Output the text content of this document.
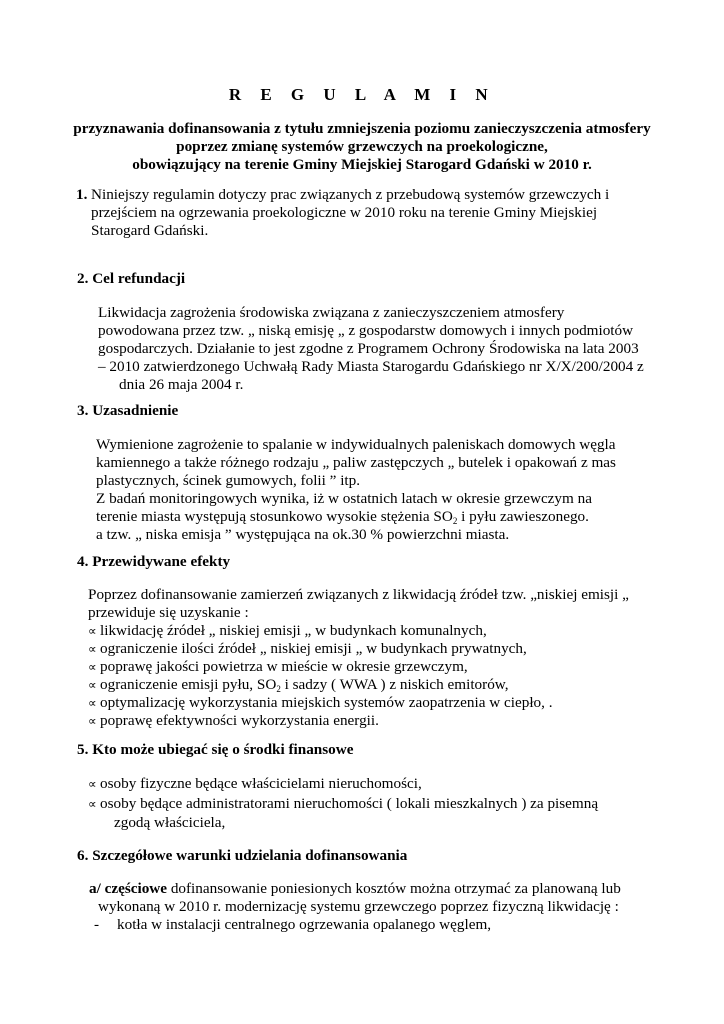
R E G U L A M I N
przyznawania dofinansowania z tytułu zmniejszenia poziomu zanieczyszczenia atmosfery
poprzez zmianę systemów grzewczych na proekologiczne,
obowiązujący na terenie Gminy Miejskiej Starogard Gdański w 2010 r.
1. Niniejszy regulamin dotyczy prac związanych z przebudową systemów grzewczych i
przejściem na ogrzewania proekologiczne w 2010 roku na terenie Gminy Miejskiej
Starogard Gdański.
2. Cel refundacji
Likwidacja zagrożenia środowiska związana z zanieczyszczeniem atmosfery
powodowana przez tzw. „ niską emisję „ z gospodarstw domowych i innych podmiotów
gospodarczych. Działanie to jest zgodne z Programem Ochrony Środowiska na lata 2003
– 2010 zatwierdzonego Uchwałą Rady Miasta Starogardu Gdańskiego nr X/X/200/2004 z
dnia 26 maja 2004 r.
3. Uzasadnienie
Wymienione zagrożenie to spalanie w indywidualnych paleniskach domowych węgla
kamiennego a także różnego rodzaju „ paliw zastępczych „ butelek i opakowań z mas
plastycznych, ścinek gumowych, folii ” itp.
Z badań monitoringowych wynika, iż w ostatnich latach w okresie grzewczym na
terenie miasta występują stosunkowo wysokie stężenia SO2 i pyłu zawieszonego.
a tzw. „ niska emisja ” występująca na ok.30 % powierzchni miasta.
4. Przewidywane efekty
Poprzez dofinansowanie zamierzeń związanych z likwidacją źródeł tzw. „niskiej emisji „
przewiduje się uzyskanie :
∝ likwidację źródeł „ niskiej emisji „ w budynkach komunalnych,
∝ ograniczenie ilości źródeł „ niskiej emisji „ w budynkach prywatnych,
∝ poprawę jakości powietrza w mieście w okresie grzewczym,
∝ ograniczenie emisji pyłu, SO2 i sadzy ( WWA ) z niskich emitorów,
∝ optymalizację wykorzystania miejskich systemów zaopatrzenia w ciepło, .
∝ poprawę efektywności wykorzystania energii.
5. Kto może ubiegać się o środki finansowe
∝ osoby fizyczne będące właścicielami nieruchomości,
∝ osoby będące administratorami nieruchomości ( lokali mieszkalnych ) za pisemną
zgodą właściciela,
6. Szczegółowe warunki udzielania dofinansowania
a/ częściowe dofinansowanie poniesionych kosztów można otrzymać za planowaną lub
wykonaną w 2010 r. modernizację systemu grzewczego poprzez fizyczną likwidację :
- kotła w instalacji centralnego ogrzewania opalanego węglem,
